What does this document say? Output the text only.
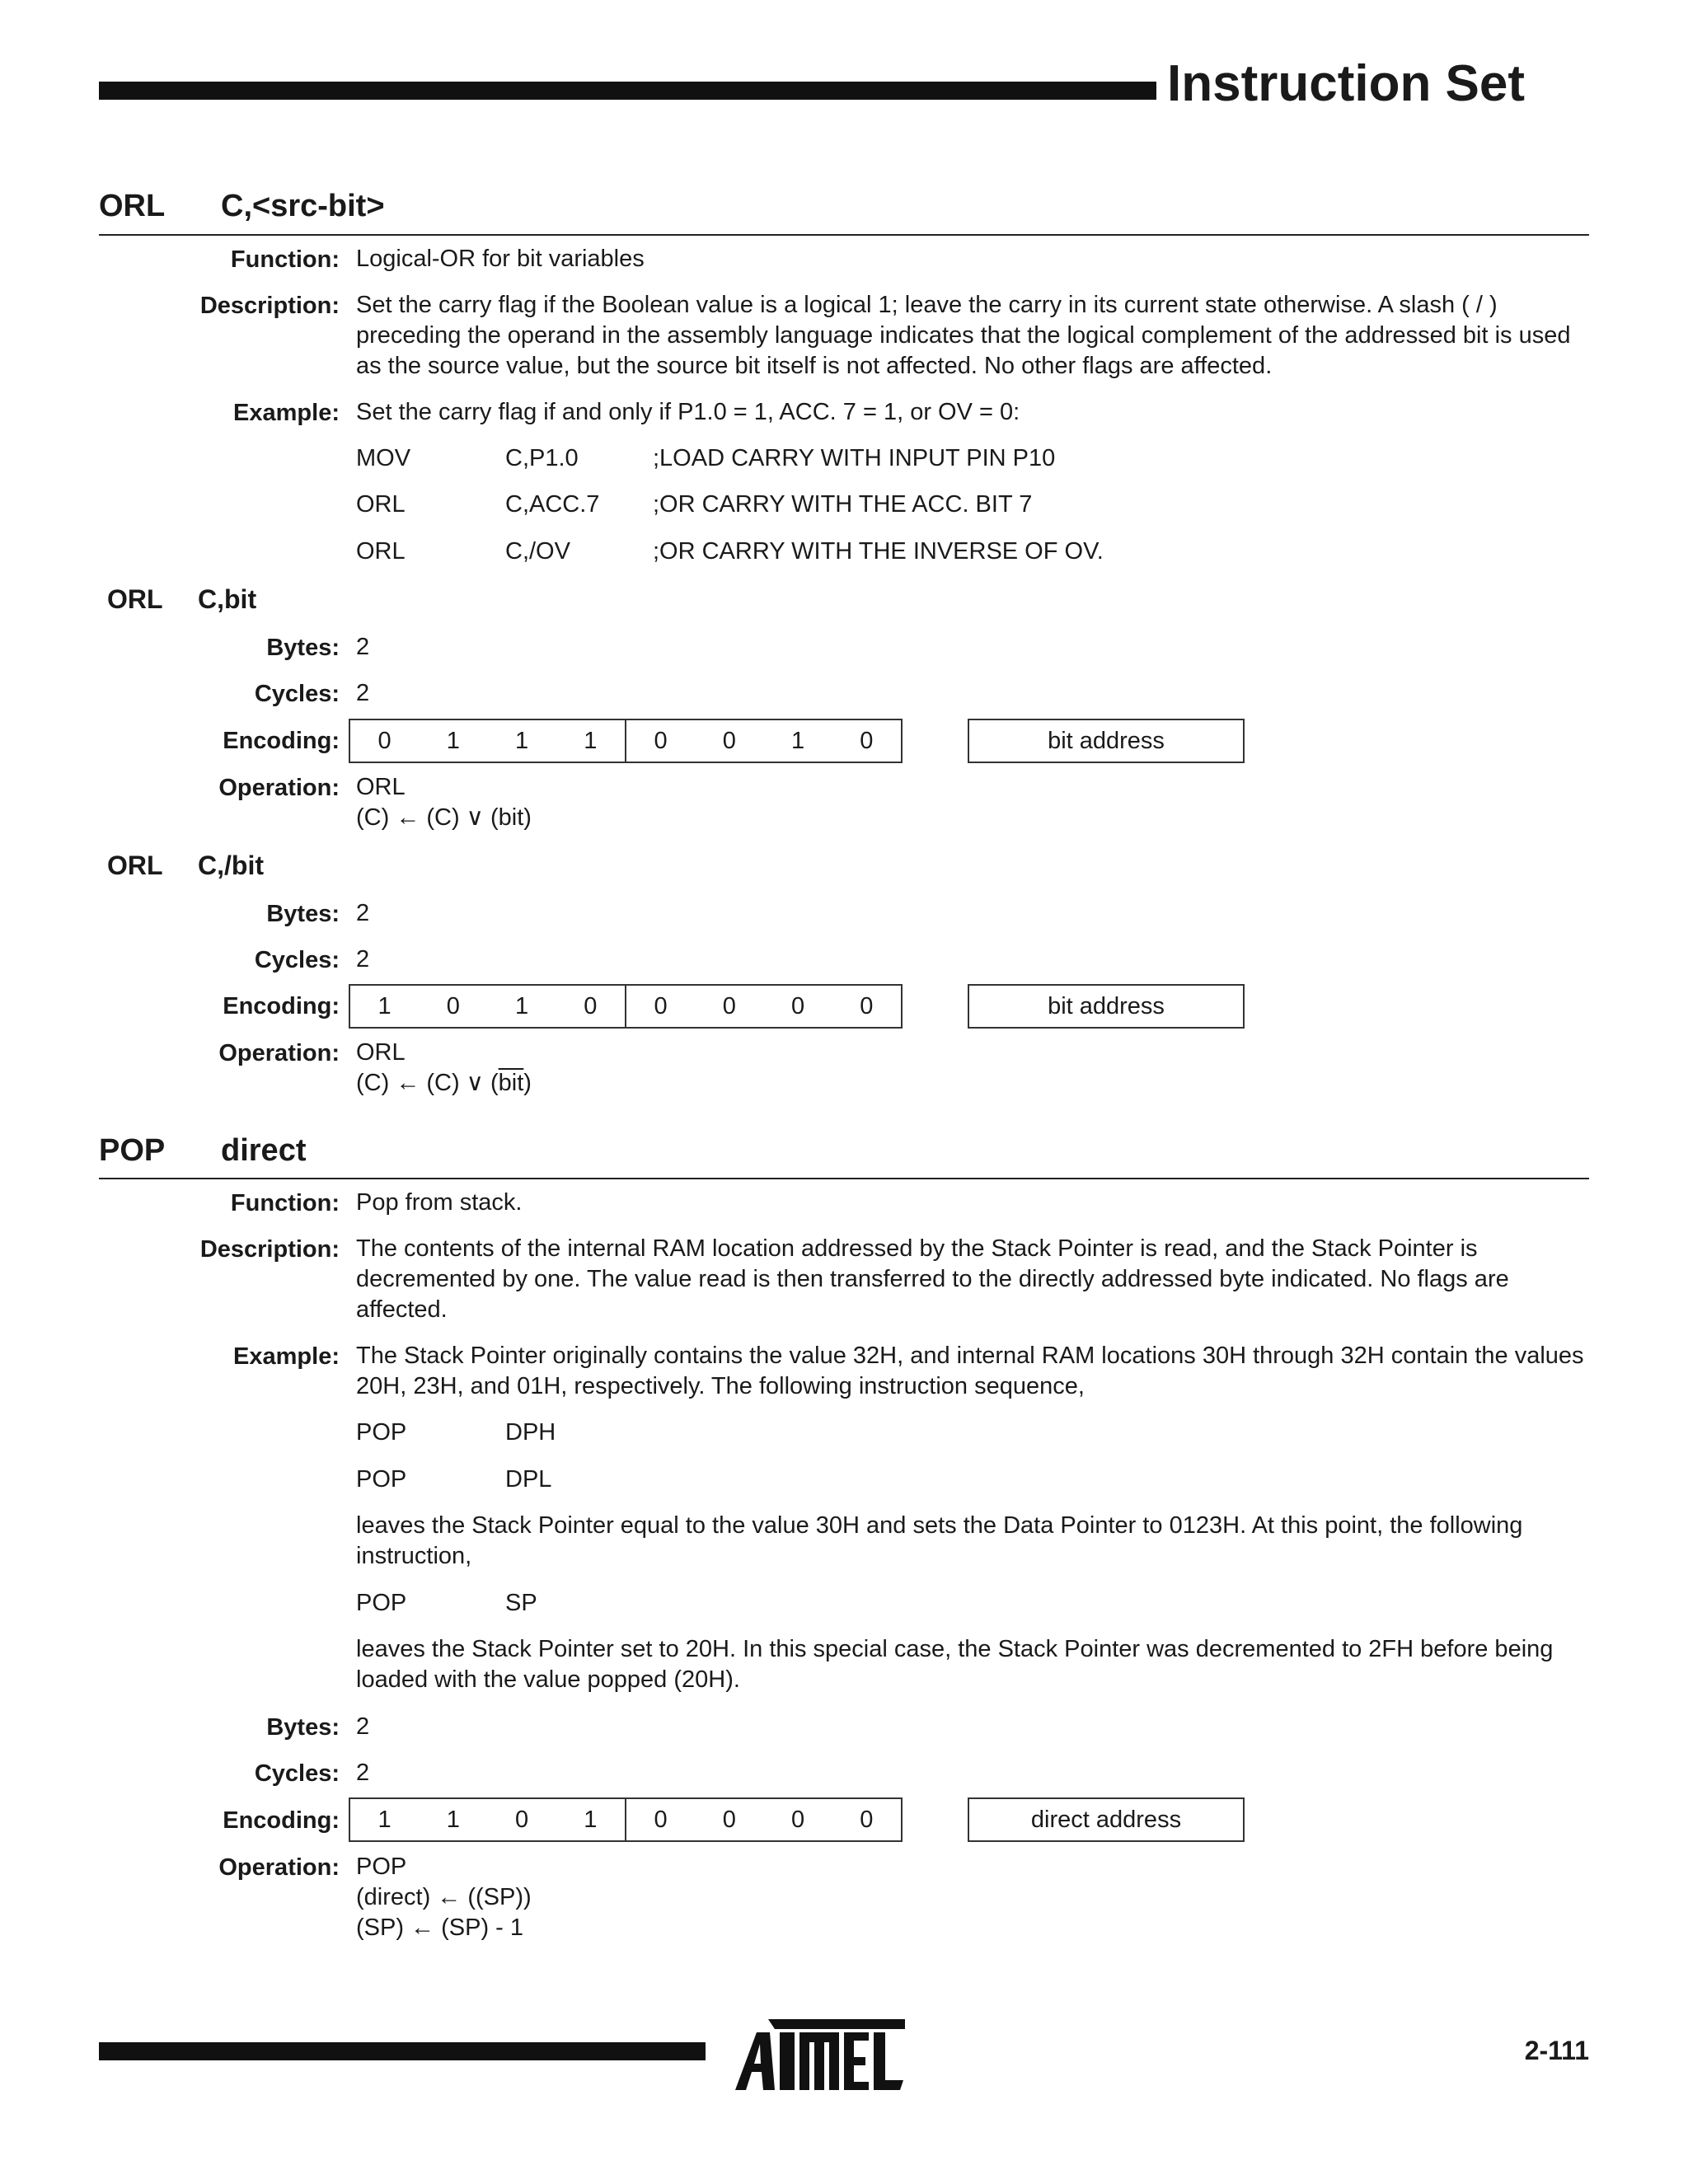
Instruction Set
ORL C,<src-bit>
Function: Logical-OR for bit variables
Description: Set the carry flag if the Boolean value is a logical 1; leave the carry in its current state otherwise. A slash ( / ) preceding the operand in the assembly language indicates that the logical complement of the addressed bit is used as the source value, but the source bit itself is not affected. No other flags are affected.
Example: Set the carry flag if and only if P1.0 = 1, ACC. 7 = 1, or OV = 0:
MOV	C,P1.0	;LOAD CARRY WITH INPUT PIN P10
ORL	C,ACC.7 ;OR CARRY WITH THE ACC. BIT 7
ORL	C,/OV	;OR CARRY WITH THE INVERSE OF OV.
ORL C,bit
Bytes: 2
Cycles: 2
Encoding:	0	1	1	1	0	0	1	0	bit address
Operation: ORL
(C) ← (C) ∨ (bit)
ORL C,/bit
Bytes: 2
Cycles: 2
Encoding:	1	0	1	0	0	0	0	0	bit address
Operation: ORL
(C) ← (C) ∨ $(\overline{bit})$
POP direct
Function: Pop from stack.
Description: The contents of the internal RAM location addressed by the Stack Pointer is read, and the Stack Pointer is decremented by one. The value read is then transferred to the directly addressed byte indicated. No flags are affected.
Example: The Stack Pointer originally contains the value 32H, and internal RAM locations 30H through 32H contain the values 20H, 23H, and 01H, respectively. The following instruction sequence,
POP	DPH
POP	DPL
leaves the Stack Pointer equal to the value 30H and sets the Data Pointer to 0123H. At this point, the following instruction,
POP	SP
leaves the Stack Pointer set to 20H. In this special case, the Stack Pointer was decremented to 2FH before being loaded with the value popped (20H).
Bytes: 2
Cycles: 2
Encoding:	1	1	0	1	0	0	0	0	direct address
Operation: POP
(direct) ← ((SP))
(SP) ← (SP) - 1
ATMEL
2-111
